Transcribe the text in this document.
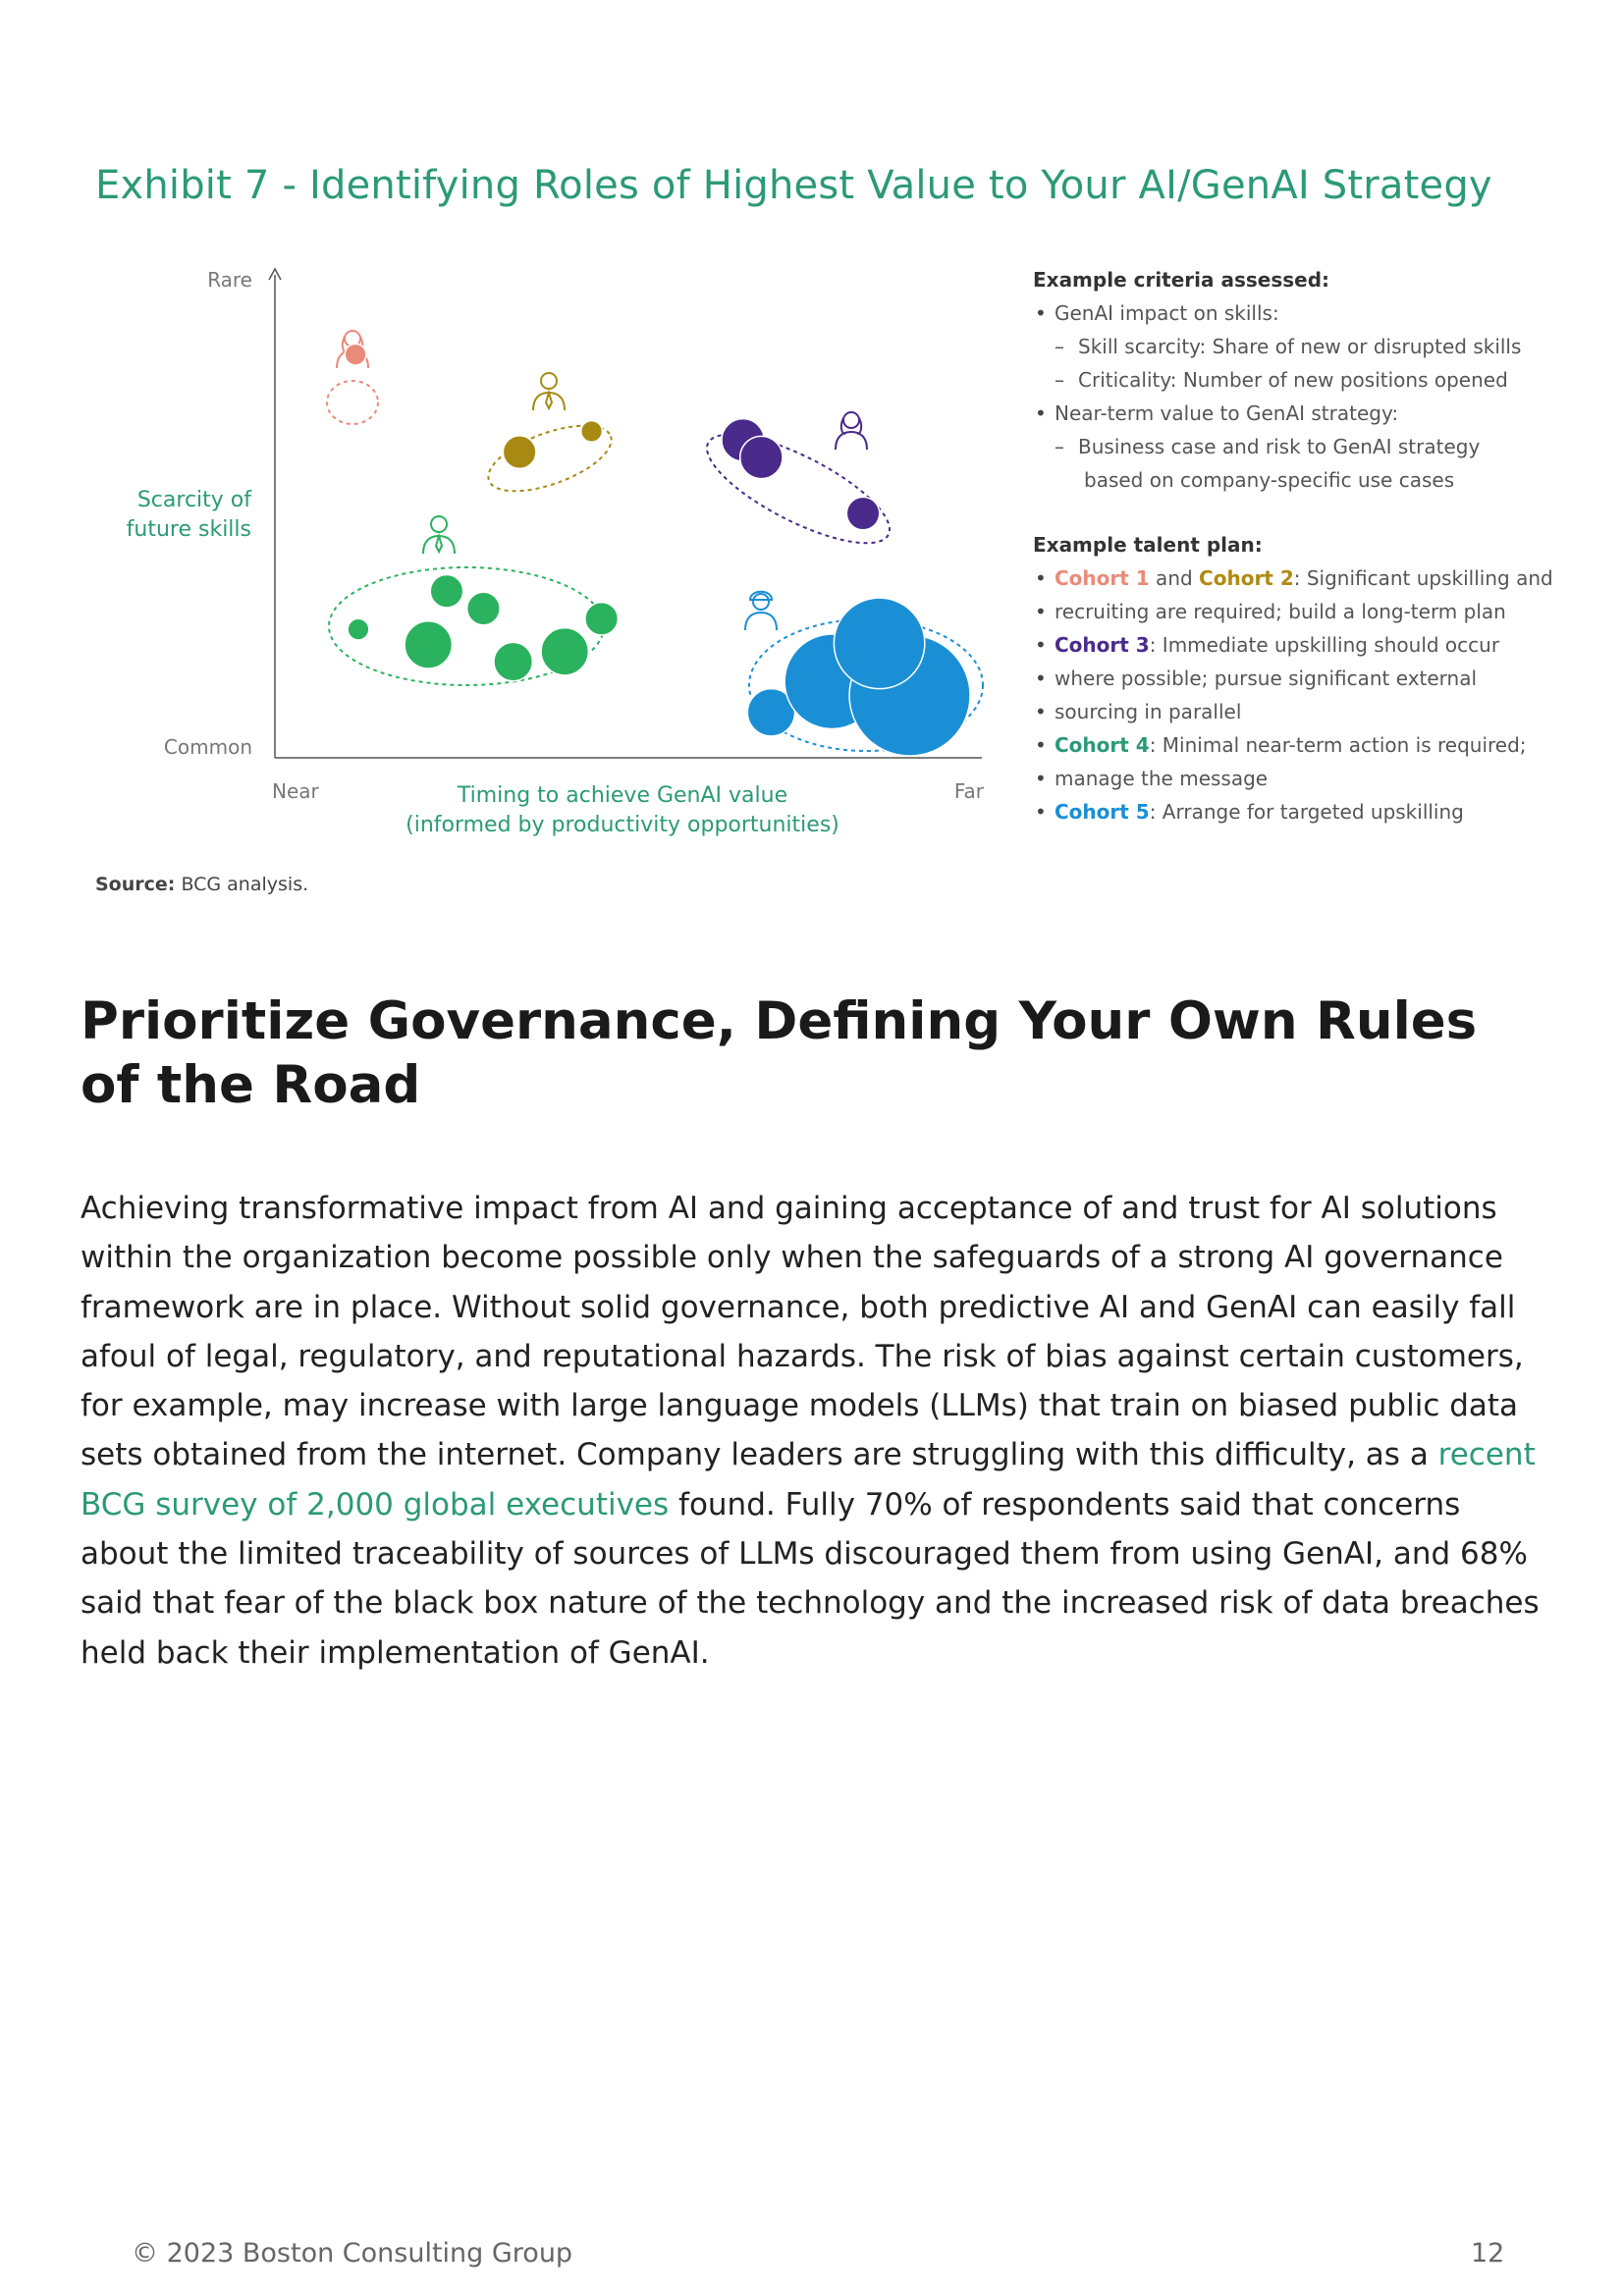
Exhibit 7 - Identifying Roles of Highest Value to Your AI/GenAI Strategy
Rare
Common
Scarcity of
future skills
Near	Far
Timing to achieve GenAI value
(informed by productivity opportunities)
Example criteria assessed:
• GenAI impact on skills:
– Skill scarcity: Share of new or disrupted skills
– Criticality: Number of new positions opened
• Near-term value to GenAI strategy:
– Business case and risk to GenAI strategy
based on company-specific use cases
Example talent plan:
• Cohort 1 and Cohort 2: Significant upskilling and
• recruiting are required; build a long-term plan
• Cohort 3: Immediate upskilling should occur
• where possible; pursue significant external
• sourcing in parallel
• Cohort 4: Minimal near-term action is required;
• manage the message
• Cohort 5: Arrange for targeted upskilling
Source: BCG analysis.
Prioritize Governance, Defining Your Own Rules of the Road
Achieving transformative impact from AI and gaining acceptance of and trust for AI solutions within the organization become possible only when the safeguards of a strong AI governance framework are in place. Without solid governance, both predictive AI and GenAI can easily fall afoul of legal, regulatory, and reputational hazards. The risk of bias against certain customers, for example, may increase with large language models (LLMs) that train on biased public data sets obtained from the internet. Company leaders are struggling with this difficulty, as a recent BCG survey of 2,000 global executives found. Fully 70% of respondents said that concerns about the limited traceability of sources of LLMs discouraged them from using GenAI, and 68% said that fear of the black box nature of the technology and the increased risk of data breaches held back their implementation of GenAI.
© 2023 Boston Consulting Group	12
